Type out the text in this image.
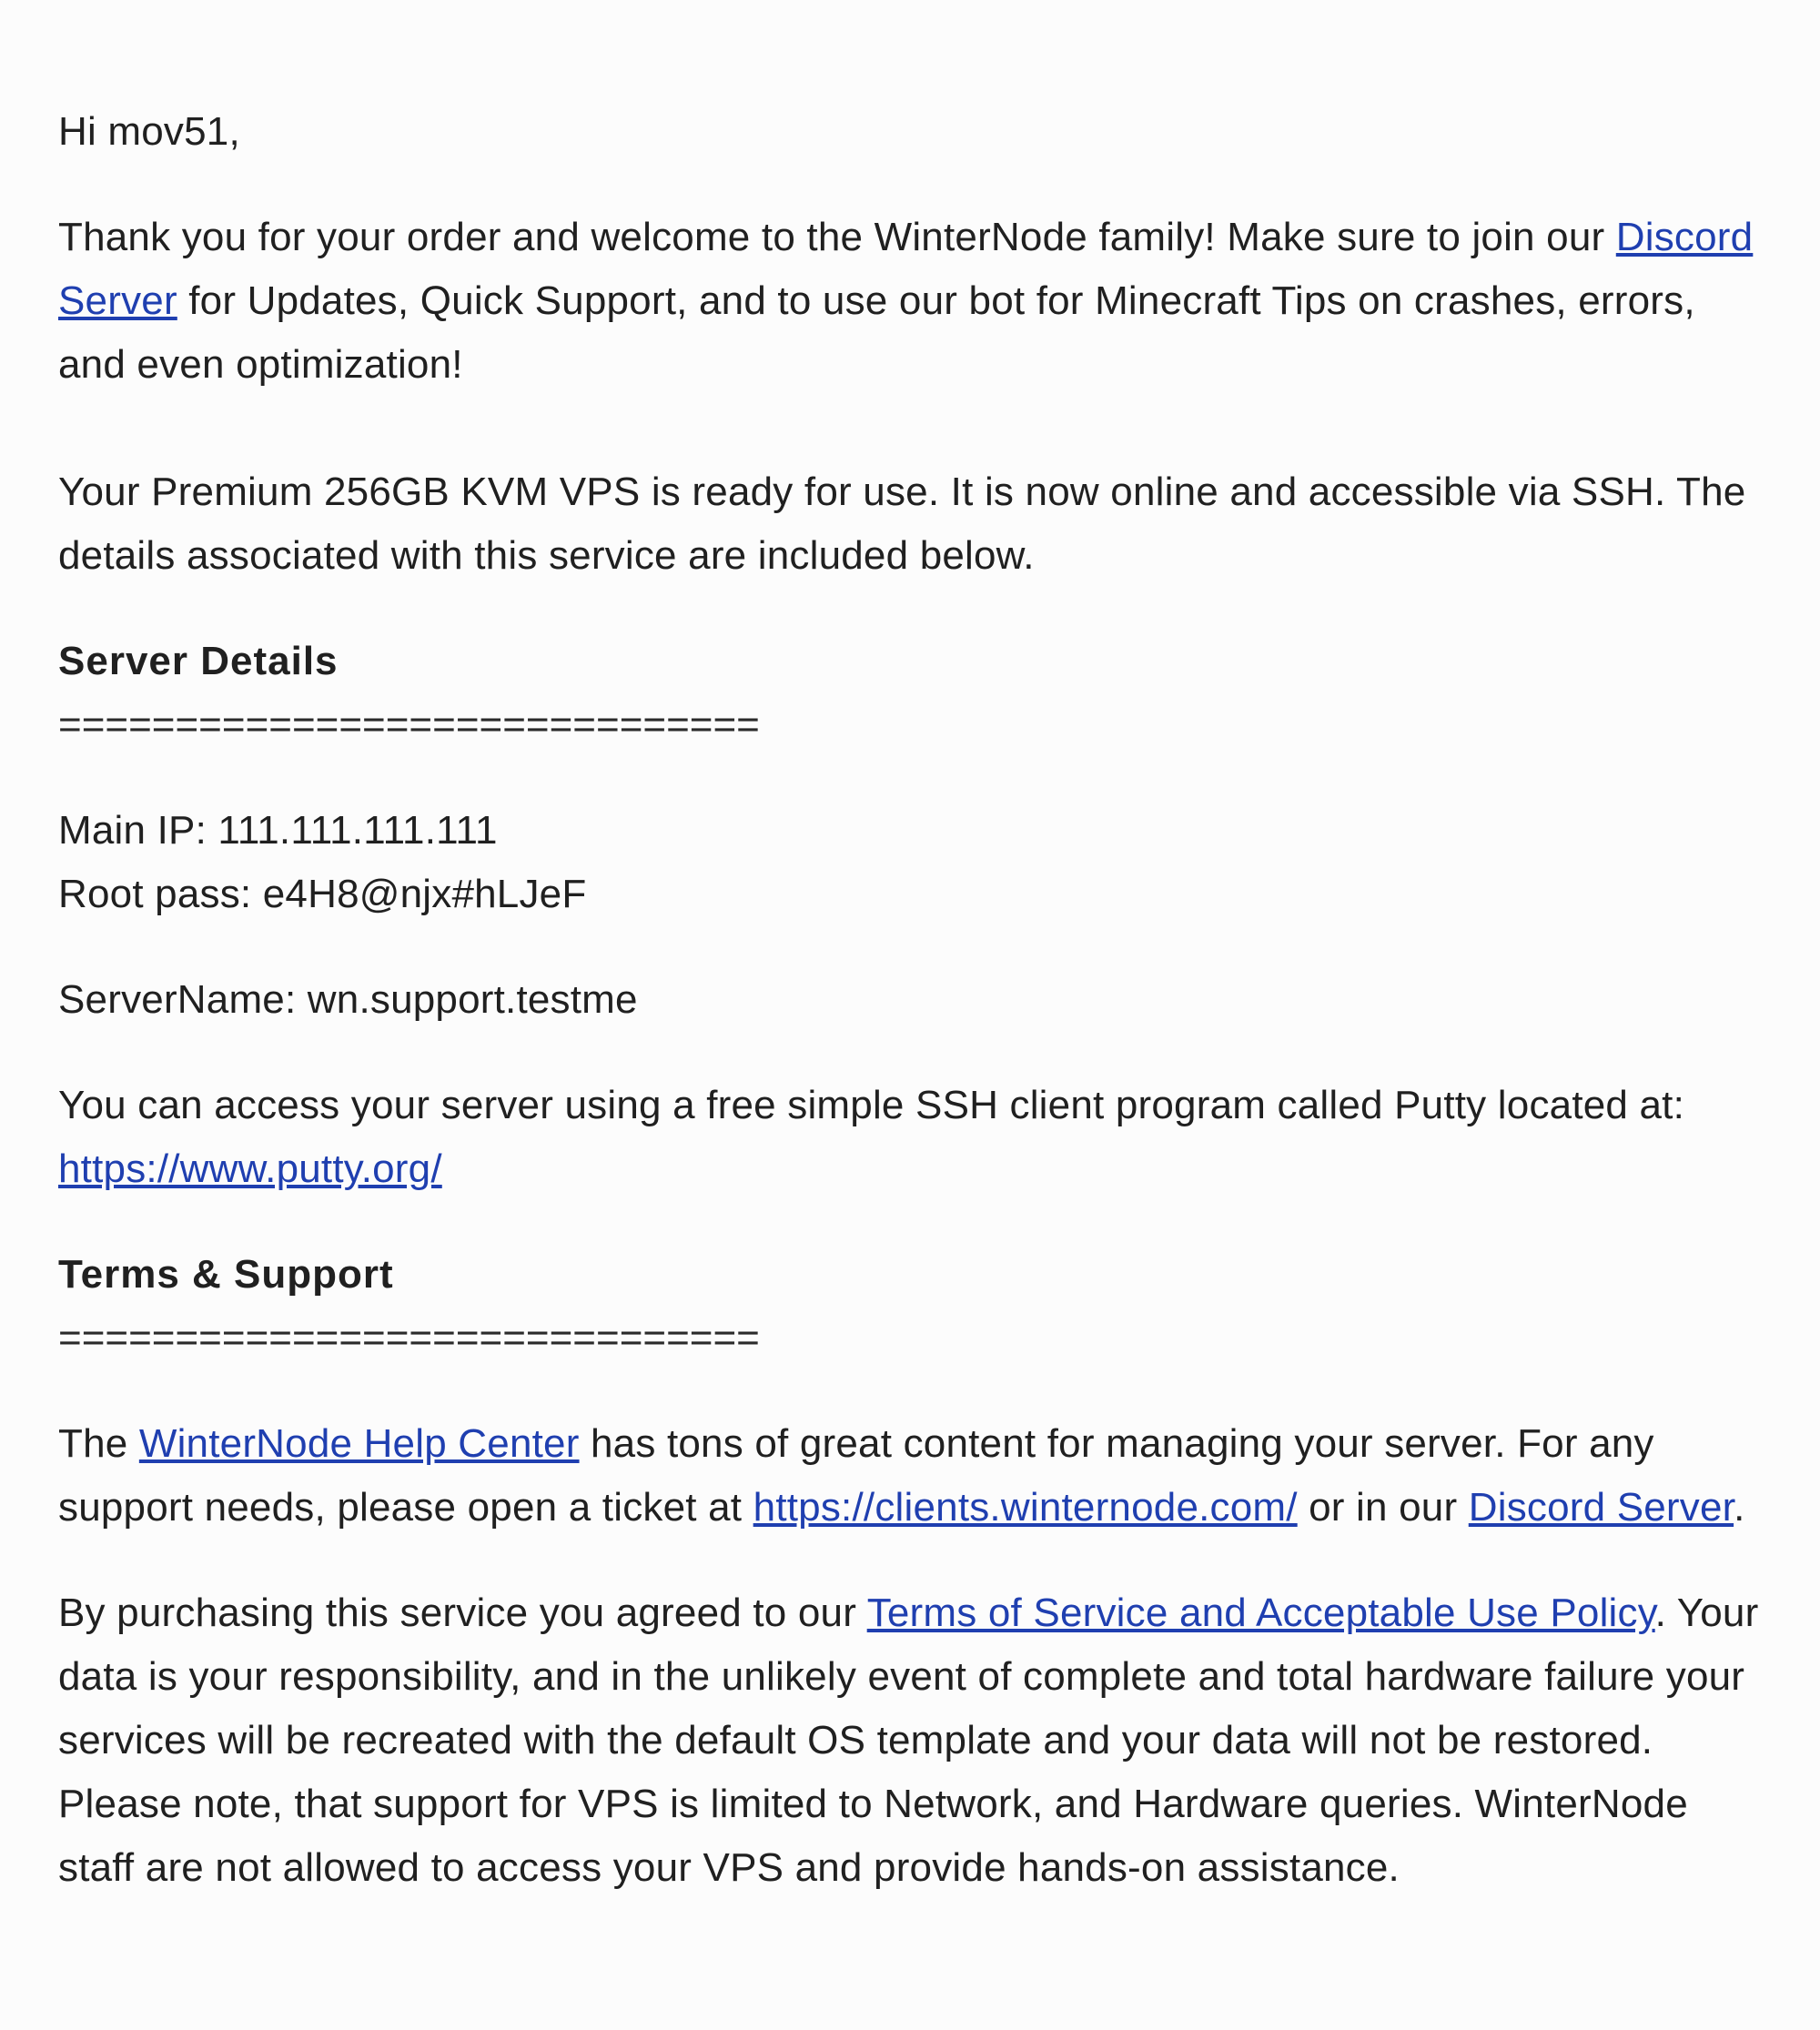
Hi mov51,

Thank you for your order and welcome to the WinterNode family! Make sure to join our Discord Server for Updates, Quick Support, and to use our bot for Minecraft Tips on crashes, errors, and even optimization!

Your Premium 256GB KVM VPS is ready for use. It is now online and accessible via SSH. The details associated with this service are included below.

Server Details

==============================

Main IP: 111.111.111.111

Root pass: e4H8@njx#hLJeF

ServerName: wn.support.testme

You can access your server using a free simple SSH client program called Putty located at: https://www.putty.org/

Terms & Support

==============================

The WinterNode Help Center has tons of great content for managing your server. For any support needs, please open a ticket at https://clients.winternode.com/ or in our Discord Server.

By purchasing this service you agreed to our Terms of Service and Acceptable Use Policy. Your data is your responsibility, and in the unlikely event of complete and total hardware failure your services will be recreated with the default OS template and your data will not be restored. Please note, that support for VPS is limited to Network, and Hardware queries. WinterNode staff are not allowed to access your VPS and provide hands-on assistance.
